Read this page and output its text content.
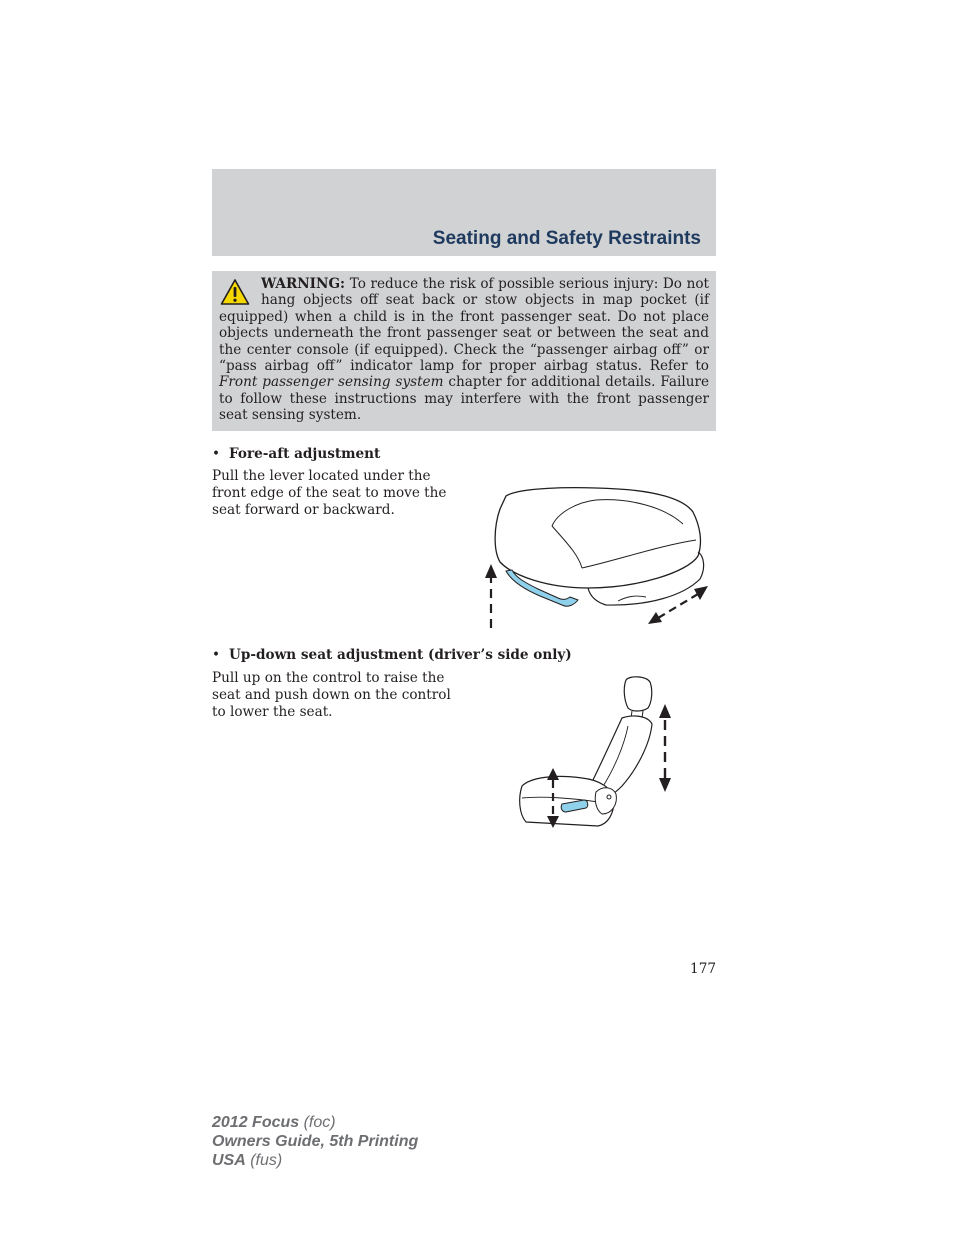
Seating and Safety Restraints

WARNING: To reduce the risk of possible serious injury: Do not hang objects off seat back or stow objects in map pocket (if equipped) when a child is in the front passenger seat. Do not place objects underneath the front passenger seat or between the seat and the center console (if equipped). Check the “passenger airbag off” or “pass airbag off” indicator lamp for proper airbag status. Refer to Front passenger sensing system chapter for additional details. Failure to follow these instructions may interfere with the front passenger seat sensing system.

• Fore-aft adjustment

Pull the lever located under the front edge of the seat to move the seat forward or backward.

• Up-down seat adjustment (driver’s side only)

Pull up on the control to raise the seat and push down on the control to lower the seat.

177
2012 Focus (foc)
Owners Guide, 5th Printing
USA (fus)
